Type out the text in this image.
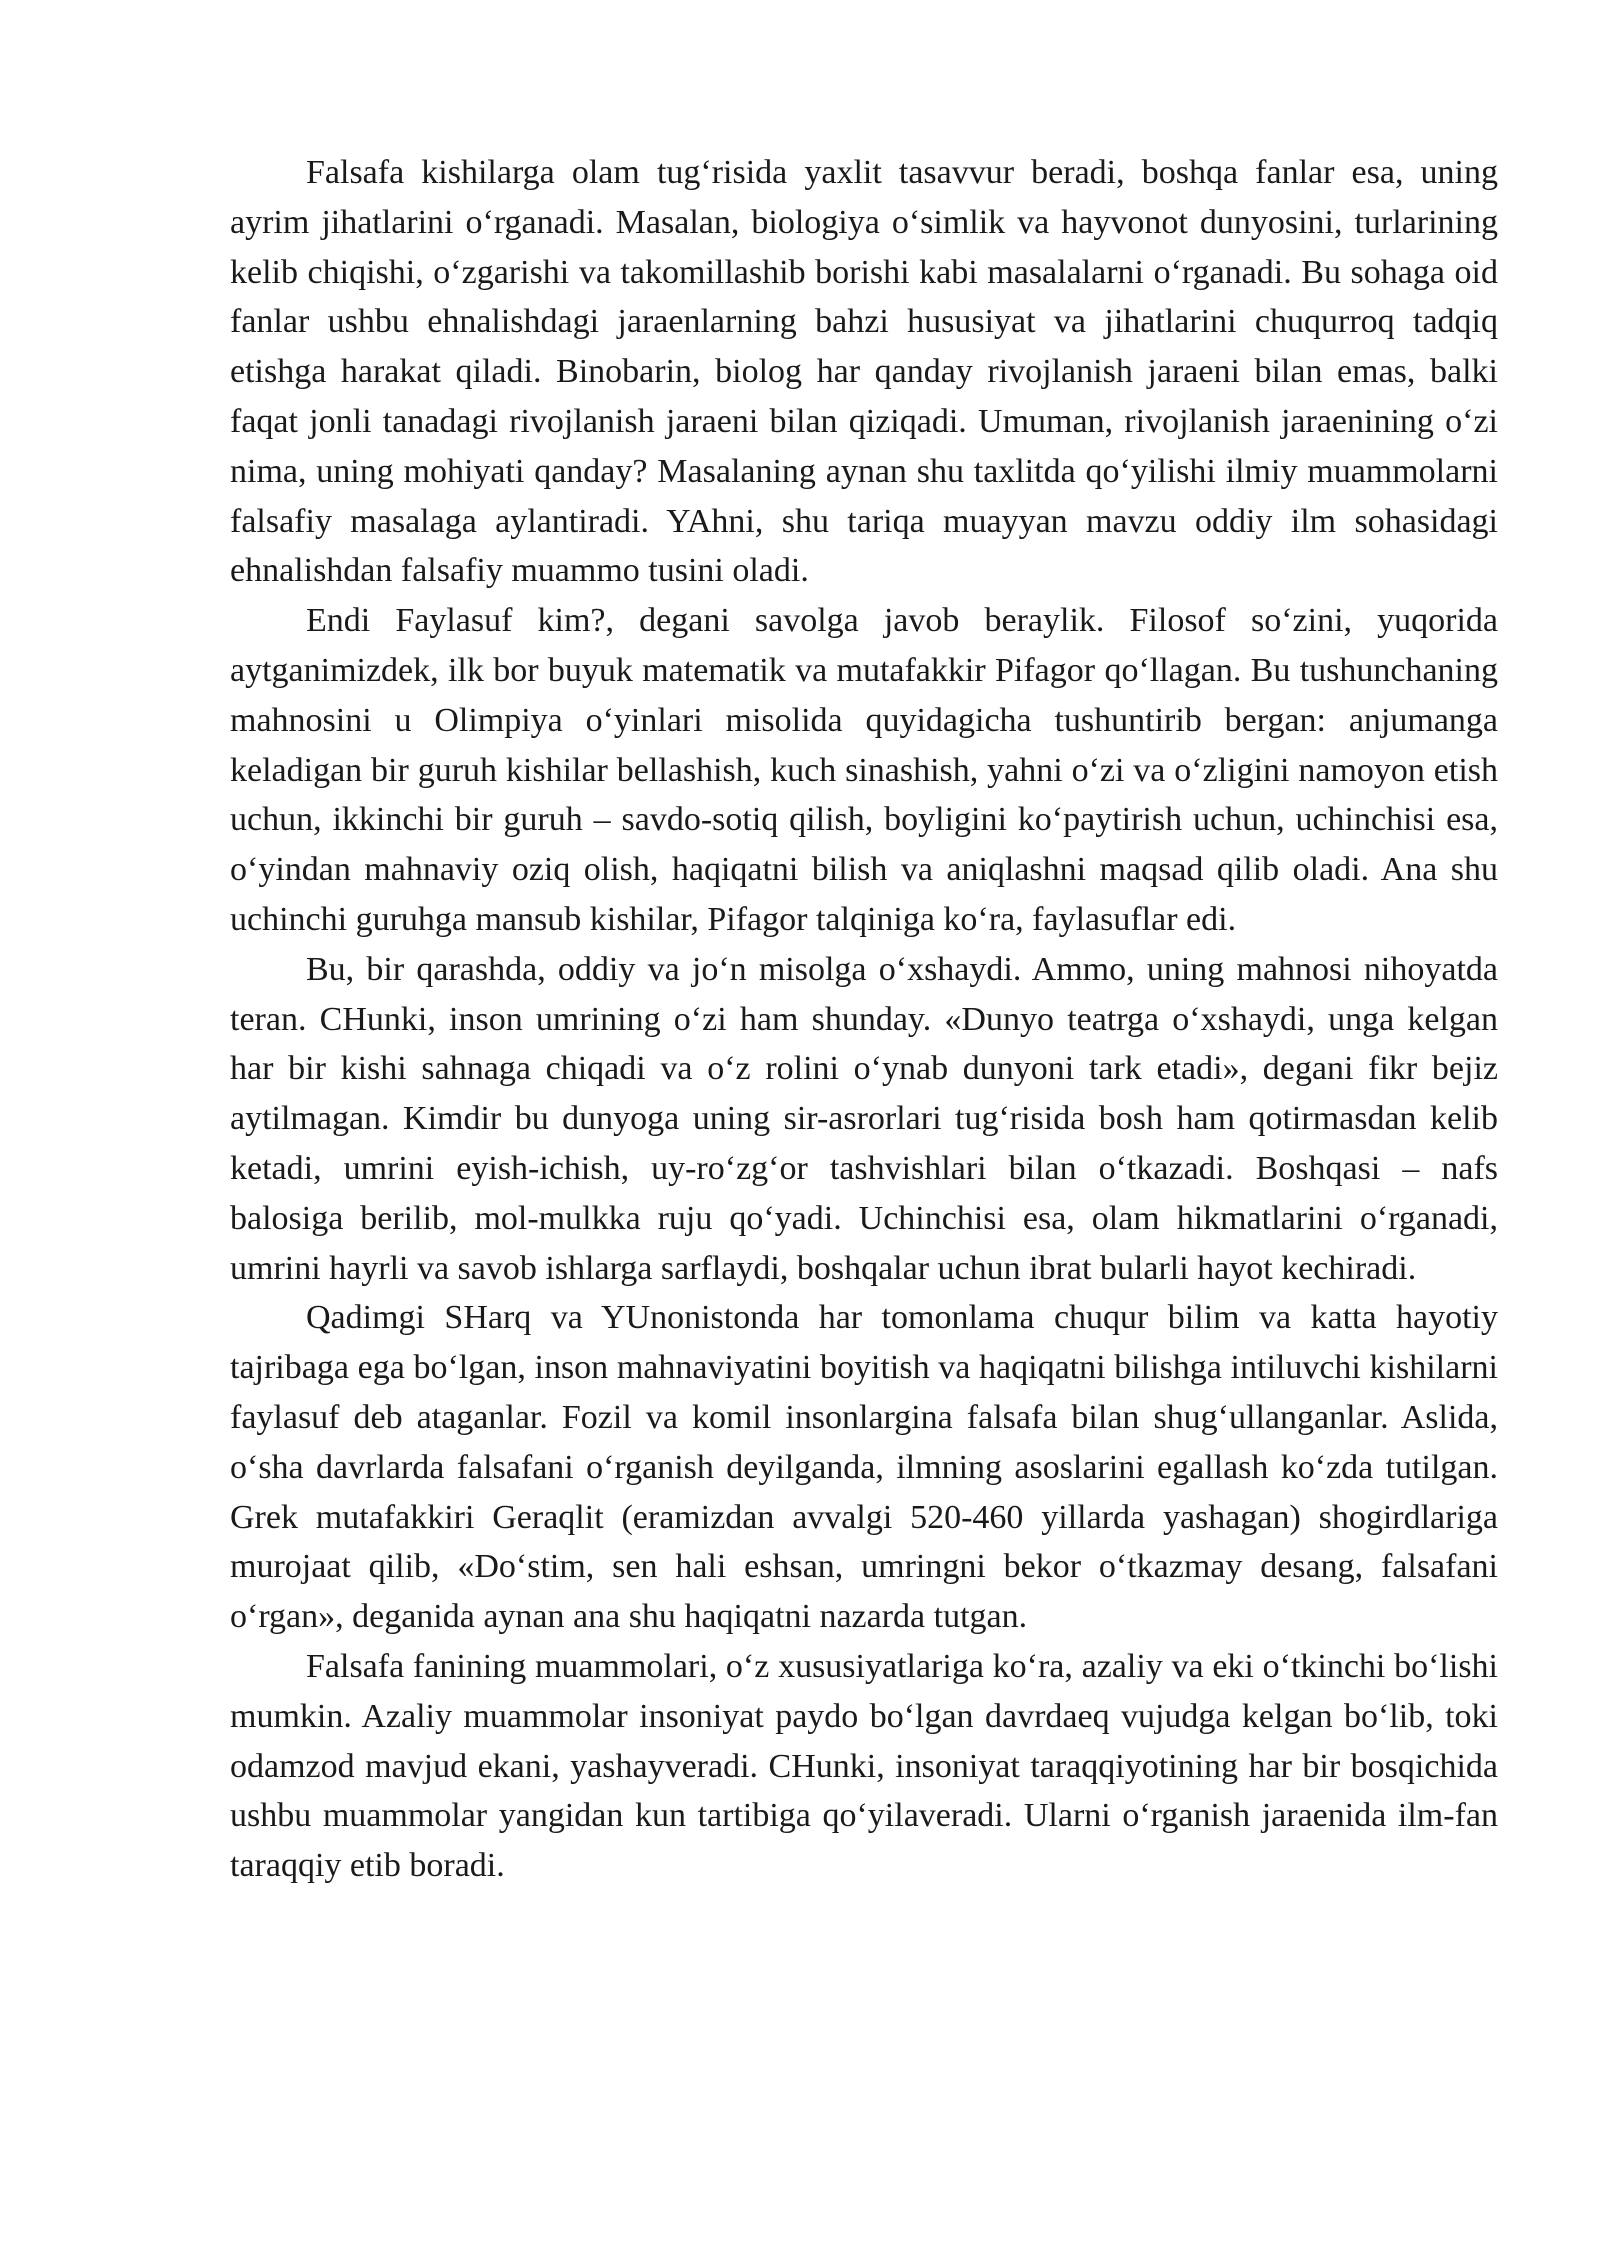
Falsafa kishilarga olam tug‘risida yaxlit tasavvur beradi, boshqa fanlar esa, uning ayrim jihatlarini o‘rganadi. Masalan, biologiya o‘simlik va hayvonot dunyosini, turlarining kelib chiqishi, o‘zgarishi va takomillashib borishi kabi masalalarni o‘rganadi. Bu sohaga oid fanlar ushbu ehnalishdagi jaraenlarning bahzi hususiyat va jihatlarini chuqurroq tadqiq etishga harakat qiladi. Binobarin, biolog har qanday rivojlanish jaraeni bilan emas, balki faqat jonli tanadagi rivojlanish jaraeni bilan qiziqadi. Umuman, rivojlanish jaraenining o‘zi nima, uning mohiyati qanday? Masalaning aynan shu taxlitda qo‘yilishi ilmiy muammolarni falsafiy masalaga aylantiradi. YAhni, shu tariqa muayyan mavzu oddiy ilm sohasidagi ehnalishdan falsafiy muammo tusini oladi.

Endi Faylasuf kim?, degani savolga javob beraylik. Filosof so‘zini, yuqorida aytganimizdek, ilk bor buyuk matematik va mutafakkir Pifagor qo‘llagan. Bu tushunchaning mahnosini u Olimpiya o‘yinlari misolida quyidagicha tushuntirib bergan: anjumanga keladigan bir guruh kishilar bellashish, kuch sinashish, yahni o‘zi va o‘zligini namoyon etish uchun, ikkinchi bir guruh – savdo-sotiq qilish, boyligini ko‘paytirish uchun, uchinchisi esa, o‘yindan mahnaviy oziq olish, haqiqatni bilish va aniqlashni maqsad qilib oladi. Ana shu uchinchi guruhga mansub kishilar, Pifagor talqiniga ko‘ra, faylasuflar edi.

Bu, bir qarashda, oddiy va jo‘n misolga o‘xshaydi. Ammo, uning mahnosi nihoyatda teran. CHunki, inson umrining o‘zi ham shunday. «Dunyo teatrga o‘xshaydi, unga kelgan har bir kishi sahnaga chiqadi va o‘z rolini o‘ynab dunyoni tark etadi», degani fikr bejiz aytilmagan. Kimdir bu dunyoga uning sir-asrorlari tug‘risida bosh ham qotirmasdan kelib ketadi, umrini eyish-ichish, uy-ro‘zg‘or tashvishlari bilan o‘tkazadi. Boshqasi – nafs balosiga berilib, mol-mulkka ruju qo‘yadi. Uchinchisi esa, olam hikmatlarini o‘rganadi, umrini hayrli va savob ishlarga sarflaydi, boshqalar uchun ibrat bularli hayot kechiradi.

Qadimgi SHarq va YUnonistonda har tomonlama chuqur bilim va katta hayotiy tajribaga ega bo‘lgan, inson mahnaviyatini boyitish va haqiqatni bilishga intiluvchi kishilarni faylasuf deb ataganlar. Fozil va komil insonlargina falsafa bilan shug‘ullanganlar. Aslida, o‘sha davrlarda falsafani o‘rganish deyilganda, ilmning asoslarini egallash ko‘zda tutilgan. Grek mutafakkiri Geraqlit (eramizdan avvalgi 520-460 yillarda yashagan) shogirdlariga murojaat qilib, «Do‘stim, sen hali eshsan, umringni bekor o‘tkazmay desang, falsafani o‘rgan», deganida aynan ana shu haqiqatni nazarda tutgan.

Falsafa fanining muammolari, o‘z xususiyatlariga ko‘ra, azaliy va eki o‘tkinchi bo‘lishi mumkin. Azaliy muammolar insoniyat paydo bo‘lgan davrdaeq vujudga kelgan bo‘lib, toki odamzod mavjud ekani, yashayveradi. CHunki, insoniyat taraqqiyotining har bir bosqichida ushbu muammolar yangidan kun tartibiga qo‘yilaveradi. Ularni o‘rganish jaraenida ilm-fan taraqqiy etib boradi.
